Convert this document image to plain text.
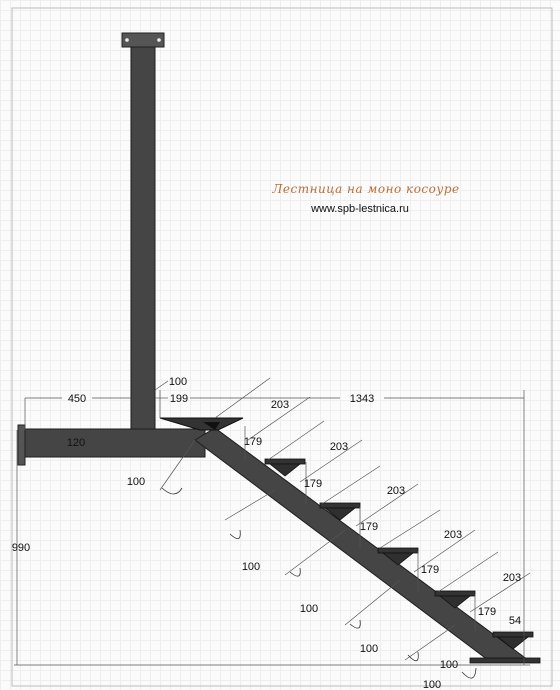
Лестница на моно косоуре
www.spb-lestnica.ru
450
100
199	1343
120
990
203
203
203
203
203
179
179
179
179
179
54
100
100
100
100
100
100
